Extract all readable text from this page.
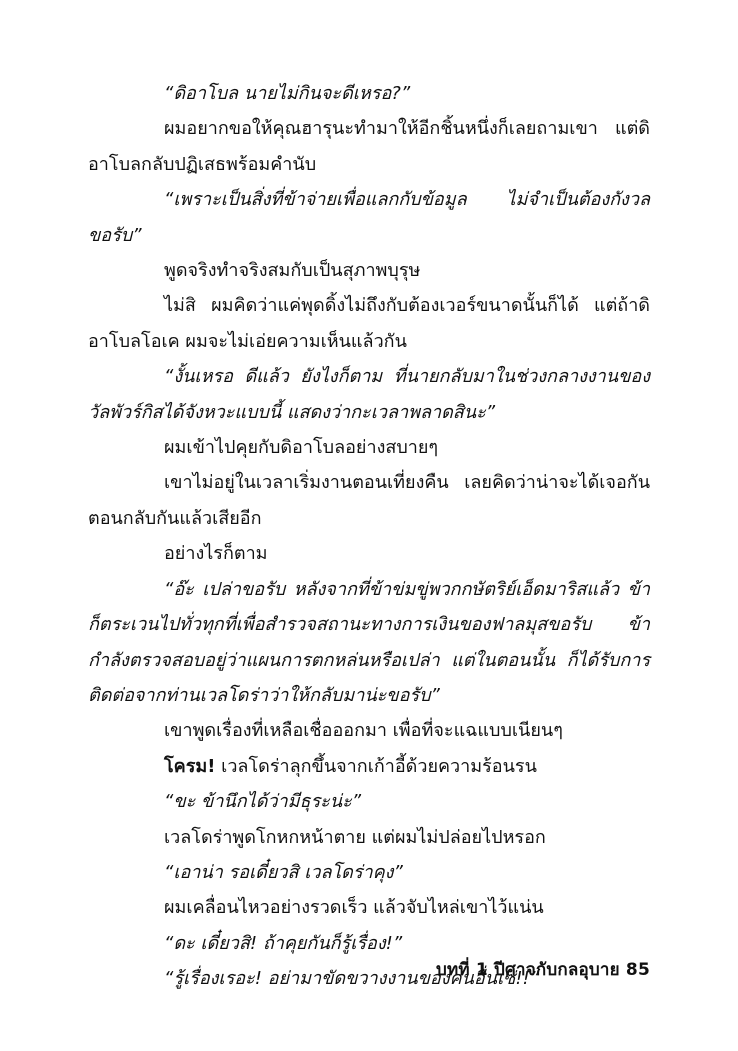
“ดิอาโบล นายไม่กินจะดีเหรอ?”

ผมอยากขอให้คุณฮารุนะทำมาให้อีกชิ้นหนึ่งก็เลยถามเขา แต่ดิอาโบลกลับปฏิเสธพร้อมคำนับ

“เพราะเป็นสิ่งที่ข้าจ่ายเพื่อแลกกับข้อมูล ไม่จำเป็นต้องกังวลขอรับ”

พูดจริงทำจริงสมกับเป็นสุภาพบุรุษ

ไม่สิ ผมคิดว่าแค่พุดดิ้งไม่ถึงกับต้องเวอร์ขนาดนั้นก็ได้ แต่ถ้าดิอาโบลโอเค ผมจะไม่เอ่ยความเห็นแล้วกัน

“งั้นเหรอ ดีแล้ว ยังไงก็ตาม ที่นายกลับมาในช่วงกลางงานของวัลพัวร์กิสได้จังหวะแบบนี้ แสดงว่ากะเวลาพลาดสินะ”

ผมเข้าไปคุยกับดิอาโบลอย่างสบายๆ

เขาไม่อยู่ในเวลาเริ่มงานตอนเที่ยงคืน เลยคิดว่าน่าจะได้เจอกันตอนกลับกันแล้วเสียอีก

อย่างไรก็ตาม

“อ๊ะ เปล่าขอรับ หลังจากที่ข้าข่มขู่พวกกษัตริย์เอ็ดมาริสแล้ว ข้าก็ตระเวนไปทั่วทุกที่เพื่อสำรวจสถานะทางการเงินของฟาลมุสขอรับ ข้ากำลังตรวจสอบอยู่ว่าแผนการตกหล่นหรือเปล่า แต่ในตอนนั้น ก็ได้รับการติดต่อจากท่านเวลโดร่าว่าให้กลับมาน่ะขอรับ”

เขาพูดเรื่องที่เหลือเชื่อออกมา เพื่อที่จะแฉแบบเนียนๆ

โครม! เวลโดร่าลุกขึ้นจากเก้าอี้ด้วยความร้อนรน

“ขะ ข้านึกได้ว่ามีธุระน่ะ”

เวลโดร่าพูดโกหกหน้าตาย แต่ผมไม่ปล่อยไปหรอก

“เอาน่า รอเดี๋ยวสิ เวลโดร่าคุง”

ผมเคลื่อนไหวอย่างรวดเร็ว แล้วจับไหล่เขาไว้แน่น

“ดะ เดี๋ยวสิ! ถ้าคุยกันก็รู้เรื่อง!”

“รู้เรื่องเรอะ! อย่ามาขัดขวางงานของคนอื่นเซ่!!”

บทที่ 1 ปีศาจกับกลอุบาย 85
